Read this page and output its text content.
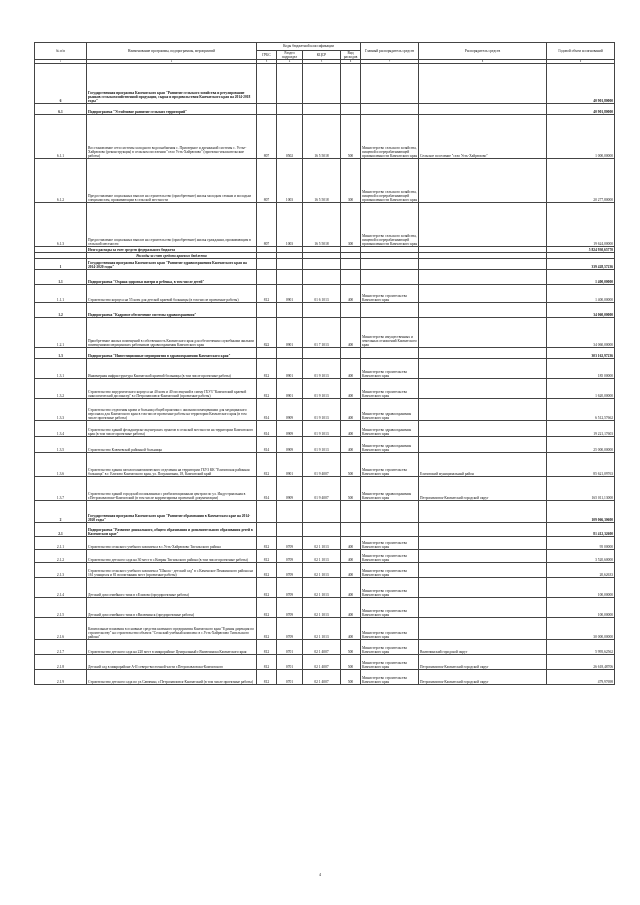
№ п/п	Наименование программы, подпрограммы, мероприятий	Коды бюджетной классификации				Главный распорядитель средств	Распорядитель средств	Годовой объем ассигнований
		ГРБС	Раздел подраздел	КЦСР	Вид расходов			
1	2	3	4	5	6	7	8	9
6	Государственная программа Камчатского края "Развитие сельского хозяйства и регулирование рынков сельскохозяйственной продукции, сырья и продовольствия Камчатского края на 2014-2018 годы"							40 901,80000
6.1	Подпрограмма "Устойчивое развитие сельских территорий"							40 901,80000
6.1.1	Восстановление сети системы холодного водоснабжения с. Приозерное и дренажной системы с. Устье-Хайрюзово (реконструкция) в сельском поселении "село Усть-Хайрюзово" (проектно-изыскательские работы)	807	0502	16 5 5018	500	Министерство сельского хозяйства, пищевой и перерабатывающей промышленности Камчатского края	Сельское поселение "село Усть-Хайрюзово"	1 000,00000
6.1.2	Предоставление социальных выплат на строительство (приобретение) жилья молодым семьям и молодым специалистам, проживающим в сельской местности	807	1003	16 5 5018	300	Министерство сельского хозяйства, пищевой и перерабатывающей промышленности Камчатского края		20 277,80000
6.1.3	Предоставление социальных выплат на строительство (приобретение) жилья гражданам, проживающим в сельской местности	807	1003	16 5 5018	300	Министерство сельского хозяйства, пищевой и перерабатывающей промышленности Камчатского края		19 624,00000
	Итого расходы за счет средств федерального бюджета							5 824 930,65770
	Расходы за счет средств краевого бюджета							
1	Государственная программа Камчатского края "Развитие здравоохранения Камчатского края на 2014-2020 годы"							339 428,57236
1.1	Подпрограмма "Охрана здоровья матери и ребенка, в том числе детей"							1 400,00000
1.1.1	Строительство корпуса на 55 коек для детской краевой больницы (в том числе проектные работы)	812	0901	01 6 1013	400	Министерство строительства Камчатского края		1 400,00000
1.2	Подпрограмма "Кадровое обеспечение системы здравоохранения"							34 060,00000
1.2.1	Приобретение жилых помещений в собственность Камчатского края для обеспечения служебными жилыми помещениями медицинских работников здравоохранения Камчатского края	822	0901	01 7 1013	400	Министерство имущественных и земельных отношений Камчатского края		34 060,00000
1.3	Подпрограмма "Инвестиционные мероприятия в здравоохранении Камчатского края"							303 162,97236
1.3.1	Инженерная инфраструктура Камчатской краевой больницы (в том числе проектные работы)	812	0901	01 9 1013	400	Министерство строительства Камчатского края		185 00000
1.3.2	Строительство хирургического корпуса на 40 коек и 40 посещений в смену ГБУЗ "Камчатский краевой онкологический диспансер" в г.Петропавловск-Камчатский (проектные работы)	812	0901	01 9 1013	400	Министерство строительства Камчатского края		1 620,00000
1.3.3	Строительство отделения крови и больниц общей практики с жилыми помещениями для медицинского персонала для Камчатского края в том числе проектные работы на территории Камчатского края (в том числе проектные работы)	814	0909	01 9 1013	400	Министерство здравоохранения Камчатского края		6 512,57662
1.3.4	Строительство зданий фельдшерско-акушерских пунктов в сельской местности на территории Камчатского края (в том числе проектные работы)	814	0909	01 9 1013	400	Министерство здравоохранения Камчатского края		19 221,17603
1.3.5	Строительство Ключевской районной больницы	814	0909	01 9 1013	400	Министерство здравоохранения Камчатского края		25 000,00000
1.3.6	Строительство здания патологоанатомического отделения на территории ГБУЗ КК "Елизовская районная больница" в г. Елизово Камчатского края, ул. Пограничная, 18, Камчатский край	812	0901	01 9 4007	500	Министерство строительства Камчатского края	Елизовский муниципальный район	85 621,09763
1.3.7	Строительство зданий городской поликлиники с реабилитационным центром по ул. Индустриальная в г.Петропавловске-Камчатский (в том числе корректировка проектной документации)	814	0909	01 9 4007	500	Министерство здравоохранения Камчатского края	Петропавловск-Камчатский городской округ	165 011,13000
2	Государственная программа Камчатского края "Развитие образования в Камчатском крае на 2014-2020 годы"							109 066,30600
2.1	Подпрограмма "Развитие дошкольного, общего образования и дополнительного образования детей в Камчатском крае"							81 412,32600
2.1.1	Строительство сельского учебного комплекса в с.Усть-Хайрюзово Тигильского района	812	0709	02 1 1013	400	Министерство строительства Камчатского края		95 00000
2.1.2	Строительство детского сада на 30 мест в с.Ковран Тигильского района (в том числе проектные работы)	812	0709	02 1 1013	400	Министерство строительства Камчатского края		3 520,60000
2.1.3	Строительство сельского учебного комплекса "Школа - детский сад" в с.Каменское Пенжинского района на 161 учащихся и 81 воспитанник мест (проектные работы)	812	0709	02 1 1013	400	Министерство строительства Камчатского края		20,62633
2.1.4	Детский дом семейного типа в г.Елизово (предпроектные работы)	812	0709	02 1 1013	400	Министерство строительства Камчатского края		100,00000
2.1.5	Детский дом семейного типа в г.Вилючинск (предпроектные работы)	812	0709	02 1 1013	400	Министерство строительства Камчатского края		100,00000
2.1.6	Капитальные вложения в основные средства казенного предприятия Камчатского края "Единая дирекция по строительству" на строительство объекта "Сельский учебный комплекс в с.Усть-Хайрюзово Тигильского района"	812	0709	02 1 1013	400	Министерство строительства Камчатского края		30 000,00000
2.1.7	Строительство детского сада на 220 мест в микрорайоне Центральный г.Вилючинска Камчатского края	812	0701	02 1 4007	500	Министерство строительства Камчатского края	Вилючинский городской округ	5 995,62562
2.1.8	Детский сад в микрорайоне А-II северо-восточной части г.Петропавловска-Камчатского	812	0701	02 1 4007	500	Министерство строительства Камчатского края	Петропавловск-Камчатский городской округ	26 618,48706
2.1.9	Строительство детского сада по ул.Савченко, г.Петропавловск-Камчатский (в том числе проектные работы)	812	0701	02 1 4007	500	Министерство строительства Камчатского края	Петропавловск-Камчатский городской округ	479,97698
4
